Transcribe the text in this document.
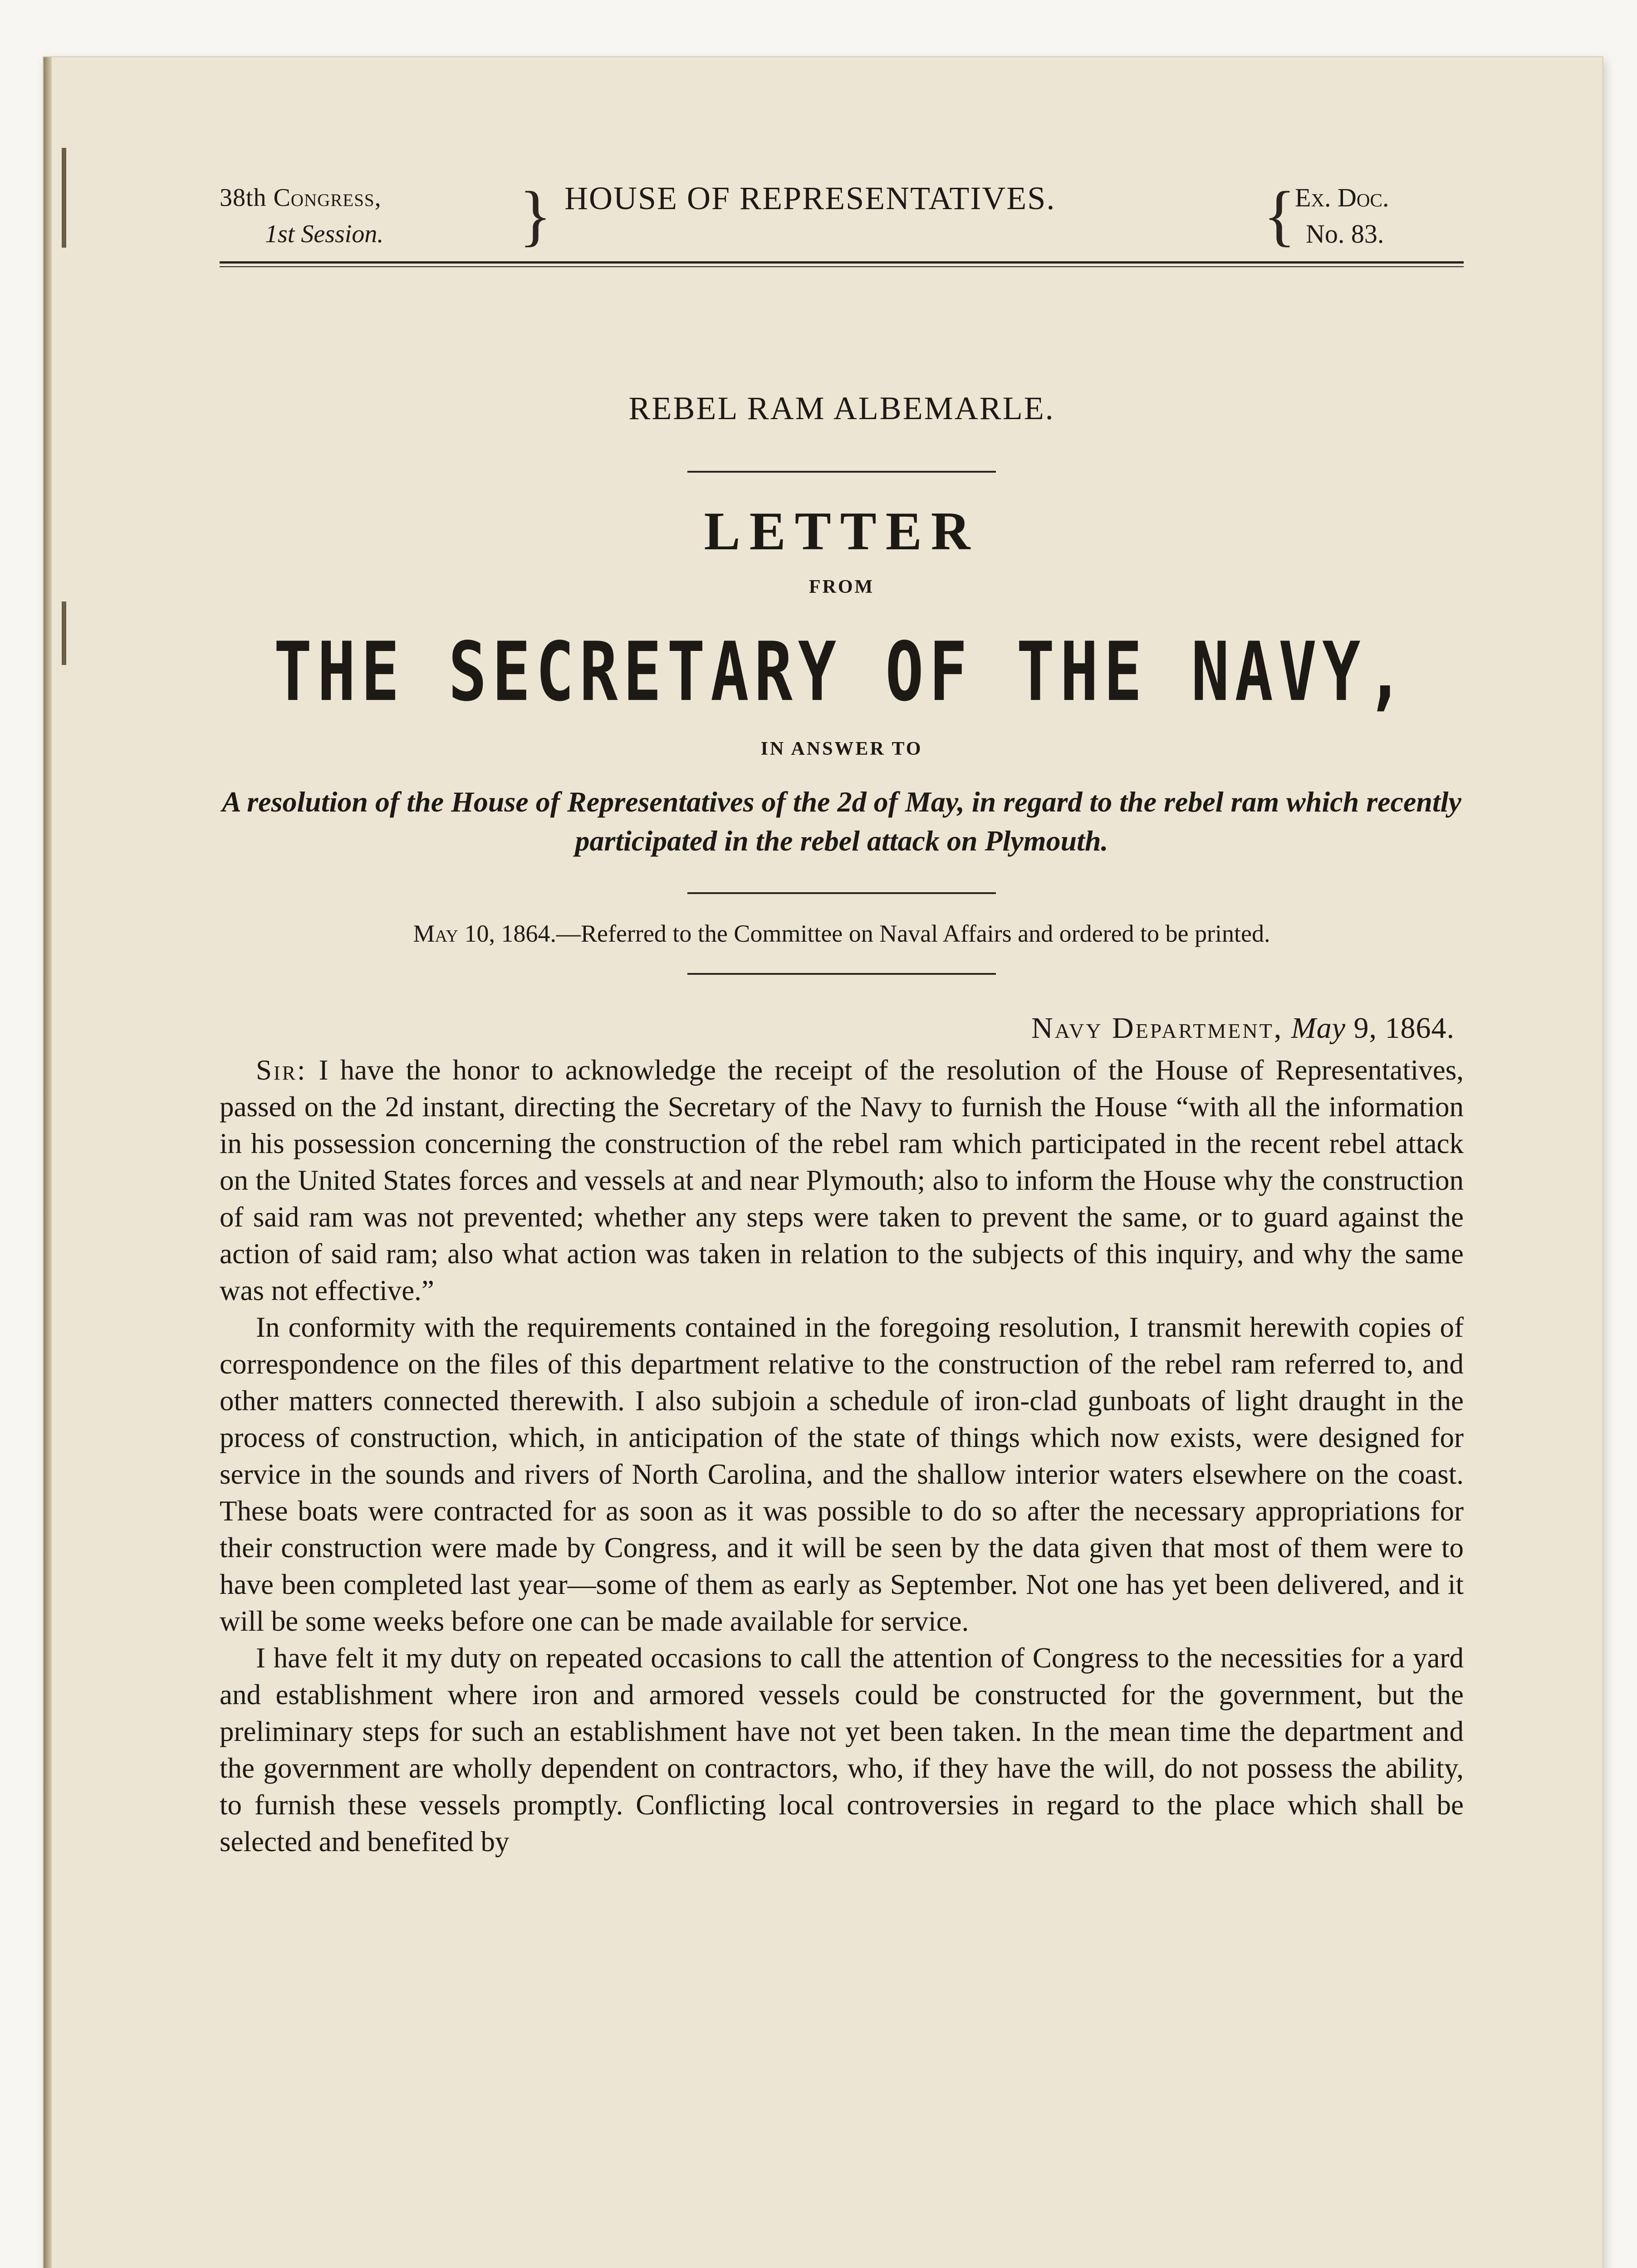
38th Congress,
1st Session.	} HOUSE OF REPRESENTATIVES.	{
Ex. Doc.
No. 83.
REBEL RAM ALBEMARLE.
LETTER
FROM
THE SECRETARY OF THE NAVY,
IN ANSWER TO
A resolution of the House of Representatives of the 2d of May, in regard to the rebel ram which recently participated in the rebel attack on Plymouth.
May 10, 1864.—Referred to the Committee on Naval Affairs and ordered to be printed.
Navy Department, May 9, 1864.

Sir: I have the honor to acknowledge the receipt of the resolution of the House of Representatives, passed on the 2d instant, directing the Secretary of the Navy to furnish the House “with all the information in his possession concerning the construction of the rebel ram which participated in the recent rebel attack on the United States forces and vessels at and near Plymouth; also to inform the House why the construction of said ram was not prevented; whether any steps were taken to prevent the same, or to guard against the action of said ram; also what action was taken in relation to the subjects of this inquiry, and why the same was not effective.”

In conformity with the requirements contained in the foregoing resolution, I transmit herewith copies of correspondence on the files of this department relative to the construction of the rebel ram referred to, and other matters connected therewith. I also subjoin a schedule of iron-clad gunboats of light draught in the process of construction, which, in anticipation of the state of things which now exists, were designed for service in the sounds and rivers of North Carolina, and the shallow interior waters elsewhere on the coast. These boats were contracted for as soon as it was possible to do so after the necessary appropriations for their construction were made by Congress, and it will be seen by the data given that most of them were to have been completed last year—some of them as early as September. Not one has yet been delivered, and it will be some weeks before one can be made available for service.

I have felt it my duty on repeated occasions to call the attention of Congress to the necessities for a yard and establishment where iron and armored vessels could be constructed for the government, but the preliminary steps for such an establishment have not yet been taken. In the mean time the department and the government are wholly dependent on contractors, who, if they have the will, do not possess the ability, to furnish these vessels promptly. Conflicting local controversies in regard to the place which shall be selected and benefited by
